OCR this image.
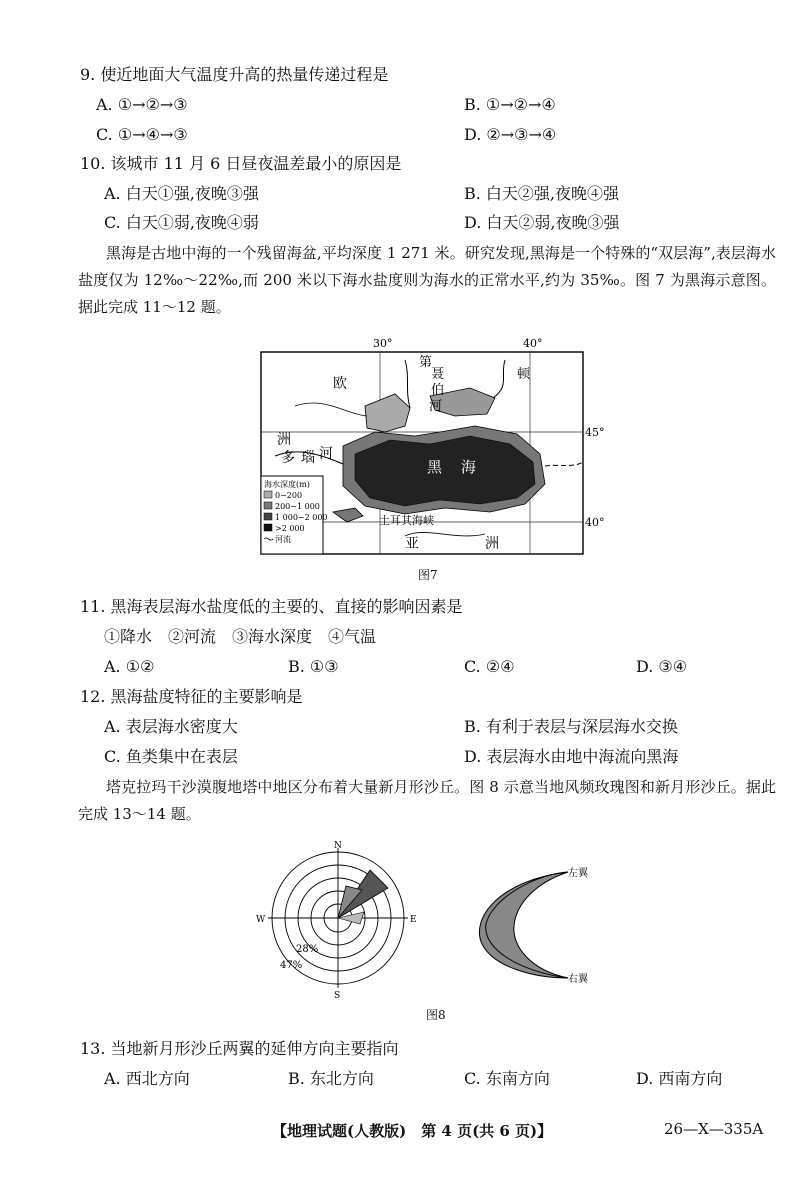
9. 使近地面大气温度升高的热量传递过程是
A. ①→②→③	B. ①→②→④
C. ①→④→③	D. ②→③→④
10. 该城市 11 月 6 日昼夜温差最小的原因是
A. 白天①强,夜晚③强	B. 白天②强,夜晚④强
C. 白天①弱,夜晚④弱	D. 白天②弱,夜晚③强
黑海是古地中海的一个残留海盆,平均深度 1 271 米。研究发现,黑海是一个特殊的“双层海”,表层海水盐度仅为 12‰～22‰,而 200 米以下海水盐度则为海水的正常水平,约为 35‰。图 7 为黑海示意图。据此完成 11～12 题。
30°	40°
45°
40°
欧
洲
第
聂
伯
河
顿
多 瑙 河
黑 海
土耳其海峡
亚	洲
海水深度(m)
0~200
200~1 000
1 000~2 000
>2 000
河流
图7
11. 黑海表层海水盐度低的主要的、直接的影响因素是
①降水　②河流　③海水深度　④气温
A. ①②	B. ①③	C. ②④	D. ③④
12. 黑海盐度特征的主要影响是
A. 表层海水密度大	B. 有利于表层与深层海水交换
C. 鱼类集中在表层	D. 表层海水由地中海流向黑海
塔克拉玛干沙漠腹地塔中地区分布着大量新月形沙丘。图 8 示意当地风频玫瑰图和新月形沙丘。据此完成 13～14 题。
N
S
W	E
28%
47%
左翼
右翼
图8
13. 当地新月形沙丘两翼的延伸方向主要指向
A. 西北方向	B. 东北方向	C. 东南方向	D. 西南方向
【地理试题(人教版)　第 4 页(共 6 页)】	26—X—335A
